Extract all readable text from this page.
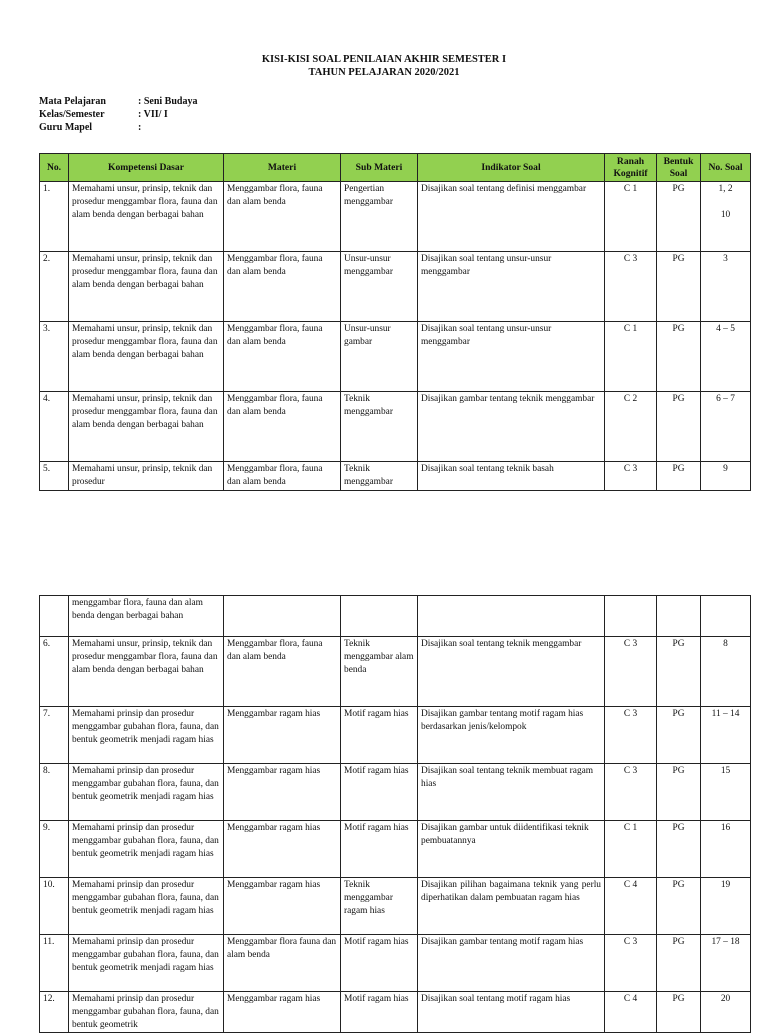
KISI-KISI SOAL PENILAIAN AKHIR SEMESTER I
TAHUN PELAJARAN 2020/2021
Mata Pelajaran	: Seni Budaya
Kelas/Semester	: VII/ I
Guru Mapel	:
No.	Kompetensi Dasar	Materi	Sub Materi	Indikator Soal	Ranah Kognitif	Bentuk Soal	No. Soal
1.	Memahami unsur, prinsip, teknik dan prosedur menggambar flora, fauna dan alam benda dengan berbagai bahan	Menggambar flora, fauna dan alam benda	Pengertian menggambar	Disajikan soal tentang definisi menggambar	C 1	PG	1, 2
10

2.	Memahami unsur, prinsip, teknik dan prosedur menggambar flora, fauna dan alam benda dengan berbagai bahan	Menggambar flora, fauna dan alam benda	Unsur-unsur menggambar	Disajikan soal tentang unsur-unsur menggambar	C 3	PG	3
3.	Memahami unsur, prinsip, teknik dan prosedur menggambar flora, fauna dan alam benda dengan berbagai bahan	Menggambar flora, fauna dan alam benda	Unsur-unsur gambar	Disajikan soal tentang unsur-unsur menggambar	C 1	PG	4 – 5
4.	Memahami unsur, prinsip, teknik dan prosedur menggambar flora, fauna dan alam benda dengan berbagai bahan	Menggambar flora, fauna dan alam benda	Teknik menggambar	Disajikan gambar tentang teknik menggambar	C 2	PG	6 – 7
5.	Memahami unsur, prinsip, teknik dan prosedur	Menggambar flora, fauna dan alam benda	Teknik menggambar	Disajikan soal tentang teknik basah	C 3	PG	9
	menggambar flora, fauna dan alam benda dengan berbagai bahan						
6.	Memahami unsur, prinsip, teknik dan prosedur menggambar flora, fauna dan alam benda dengan berbagai bahan	Menggambar flora, fauna dan alam benda	Teknik menggambar alam benda	Disajikan soal tentang teknik menggambar	C 3	PG	8
7.	Memahami prinsip dan prosedur menggambar gubahan flora, fauna, dan bentuk geometrik menjadi ragam hias	Menggambar ragam hias	Motif ragam hias	Disajikan gambar tentang motif ragam hias berdasarkan jenis/kelompok	C 3	PG	11 – 14
8.	Memahami prinsip dan prosedur menggambar gubahan flora, fauna, dan bentuk geometrik menjadi ragam hias	Menggambar ragam hias	Motif ragam hias	Disajikan soal tentang teknik membuat ragam hias	C 3	PG	15
9.	Memahami prinsip dan prosedur menggambar gubahan flora, fauna, dan bentuk geometrik menjadi ragam hias	Menggambar ragam hias	Motif ragam hias	Disajikan gambar untuk diidentifikasi teknik pembuatannya	C 1	PG	16
10.	Memahami prinsip dan prosedur menggambar gubahan flora, fauna, dan bentuk geometrik menjadi ragam hias	Menggambar ragam hias	Teknik menggambar ragam hias	Disajikan pilihan bagaimana teknik yang perlu diperhatikan dalam pembuatan ragam hias	C 4	PG	19
11.	Memahami prinsip dan prosedur menggambar gubahan flora, fauna, dan bentuk geometrik menjadi ragam hias	Menggambar flora fauna dan alam benda	Motif ragam hias	Disajikan gambar tentang motif ragam hias	C 3	PG	17 – 18
12.	Memahami prinsip dan prosedur menggambar gubahan flora, fauna, dan bentuk geometrik	Menggambar ragam hias	Motif ragam hias	Disajikan soal tentang motif ragam hias	C 4	PG	20
